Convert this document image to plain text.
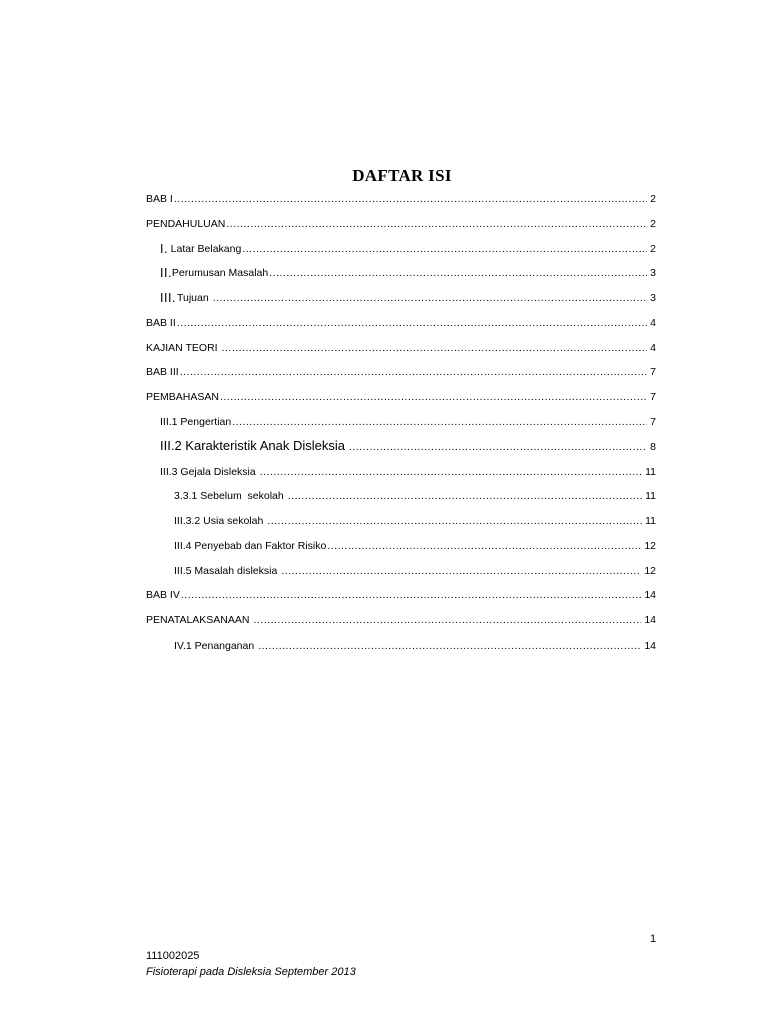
DAFTAR ISI
BAB I .....	2
PENDAHULUAN .....	2
I. Latar Belakang .....	2
II. Perumusan Masalah .....	3
III. Tujuan .....	3
BAB II .....	4
KAJIAN TEORI .....	4
BAB III .....	7
PEMBAHASAN .....	7
III.1 Pengertian .....	7
III.2 Karakteristik Anak Disleksia .....	8
III.3 Gejala Disleksia .....	11
3.3.1 Sebelum  sekolah .....	11
III.3.2 Usia sekolah .....	11
III.4 Penyebab dan Faktor Risiko .....	12
III.5 Masalah disleksia .....	12
BAB IV .....	14
PENATALAKSANAAN .....	14
IV.1 Penanganan .....	14
1
111002025
Fisioterapi pada Disleksia September 2013
